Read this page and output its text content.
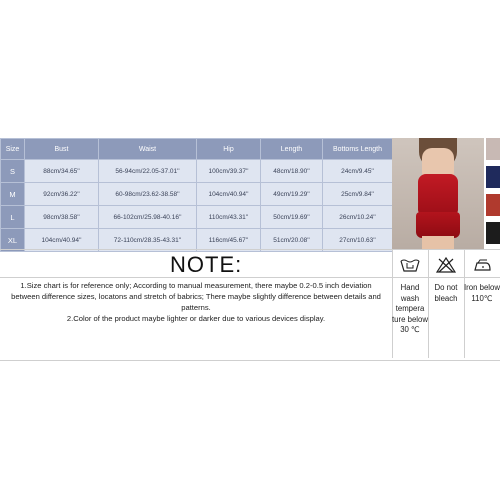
Size	Bust	Waist	Hip	Length	Bottoms Length
S	88cm/34.65''	56-94cm/22.05-37.01''	100cm/39.37''	48cm/18.90''	24cm/9.45''
M	92cm/36.22''	60-98cm/23.62-38.58''	104cm/40.94''	49cm/19.29''	25cm/9.84''
L	98cm/38.58''	66-102cm/25.98-40.16''	110cm/43.31''	50cm/19.69''	26cm/10.24''
XL	104cm/40.94''	72-110cm/28.35-43.31''	116cm/45.67''	51cm/20.08''	27cm/10.63''
NOTE:

1.Size chart is for reference only; According to manual measurement, there maybe 0.2-0.5 inch deviation between difference sizes, locatons and stretch of babrics; There maybe slightly difference between details and patterns.

2.Color of the product maybe lighter or darker due to various devices display.

Hand wash tempera ture below 30 ℃
Do not bleach
Iron below 110℃
